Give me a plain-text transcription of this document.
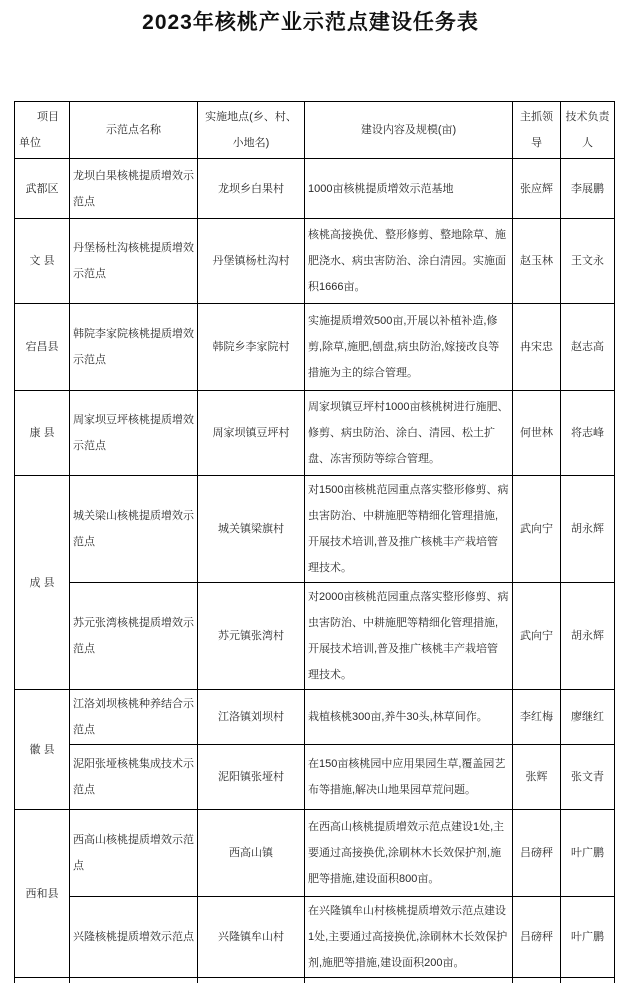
2023年核桃产业示范点建设任务表
项目
单位	示范点名称	实施地点(乡、村、小地名)	建设内容及规模(亩)	主抓领导	技术负责人
武都区	龙坝白果核桃提质增效示范点	龙坝乡白果村	1000亩核桃提质增效示范基地	张应辉	李展鹏
文 县	丹堡杨杜沟核桃提质增效示范点	丹堡镇杨杜沟村	核桃高接换优、整形修剪、整地除草、施肥浇水、病虫害防治、涂白清园。实施面积1666亩。	赵玉林	王文永
宕昌县	韩院李家院核桃提质增效示范点	韩院乡李家院村	实施提质增效500亩,开展以补植补造,修剪,除草,施肥,刨盘,病虫防治,嫁接改良等措施为主的综合管理。	冉宋忠	赵志高
康 县	周家坝豆坪核桃提质增效示范点	周家坝镇豆坪村	周家坝镇豆坪村1000亩核桃树进行施肥、修剪、病虫防治、涂白、清园、松土扩盘、冻害预防等综合管理。	何世林	将志峰
成 县	城关梁山核桃提质增效示范点	城关镇梁旗村	对1500亩核桃范园重点落实整形修剪、病虫害防治、中耕施肥等精细化管理措施,开展技术培训,普及推广核桃丰产栽培管理技术。	武向宁	胡永辉
	苏元张湾核桃提质增效示范点	苏元镇张湾村	对2000亩核桃范园重点落实整形修剪、病虫害防治、中耕施肥等精细化管理措施,开展技术培训,普及推广核桃丰产栽培管理技术。	武向宁	胡永辉
徽 县	江洛刘坝核桃种养结合示范点	江洛镇刘坝村	栽植核桃300亩,养牛30头,林草间作。	李红梅	廖继红
	泥阳张垭核桃集成技术示范点	泥阳镇张垭村	在150亩核桃园中应用果园生草,覆盖园艺布等措施,解决山地果园草荒问题。	张辉	张文青
西和县	西高山核桃提质增效示范点	西高山镇	在西高山核桃提质增效示范点建设1处,主要通过高接换优,涂刷林木长效保护剂,施肥等措施,建设面积800亩。	吕磅秤	叶广鹏
	兴隆核桃提质增效示范点	兴隆镇牟山村	在兴隆镇牟山村核桃提质增效示范点建设1处,主要通过高接换优,涂刷林木长效保护剂,施肥等措施,建设面积200亩。	吕磅秤	叶广鹏
